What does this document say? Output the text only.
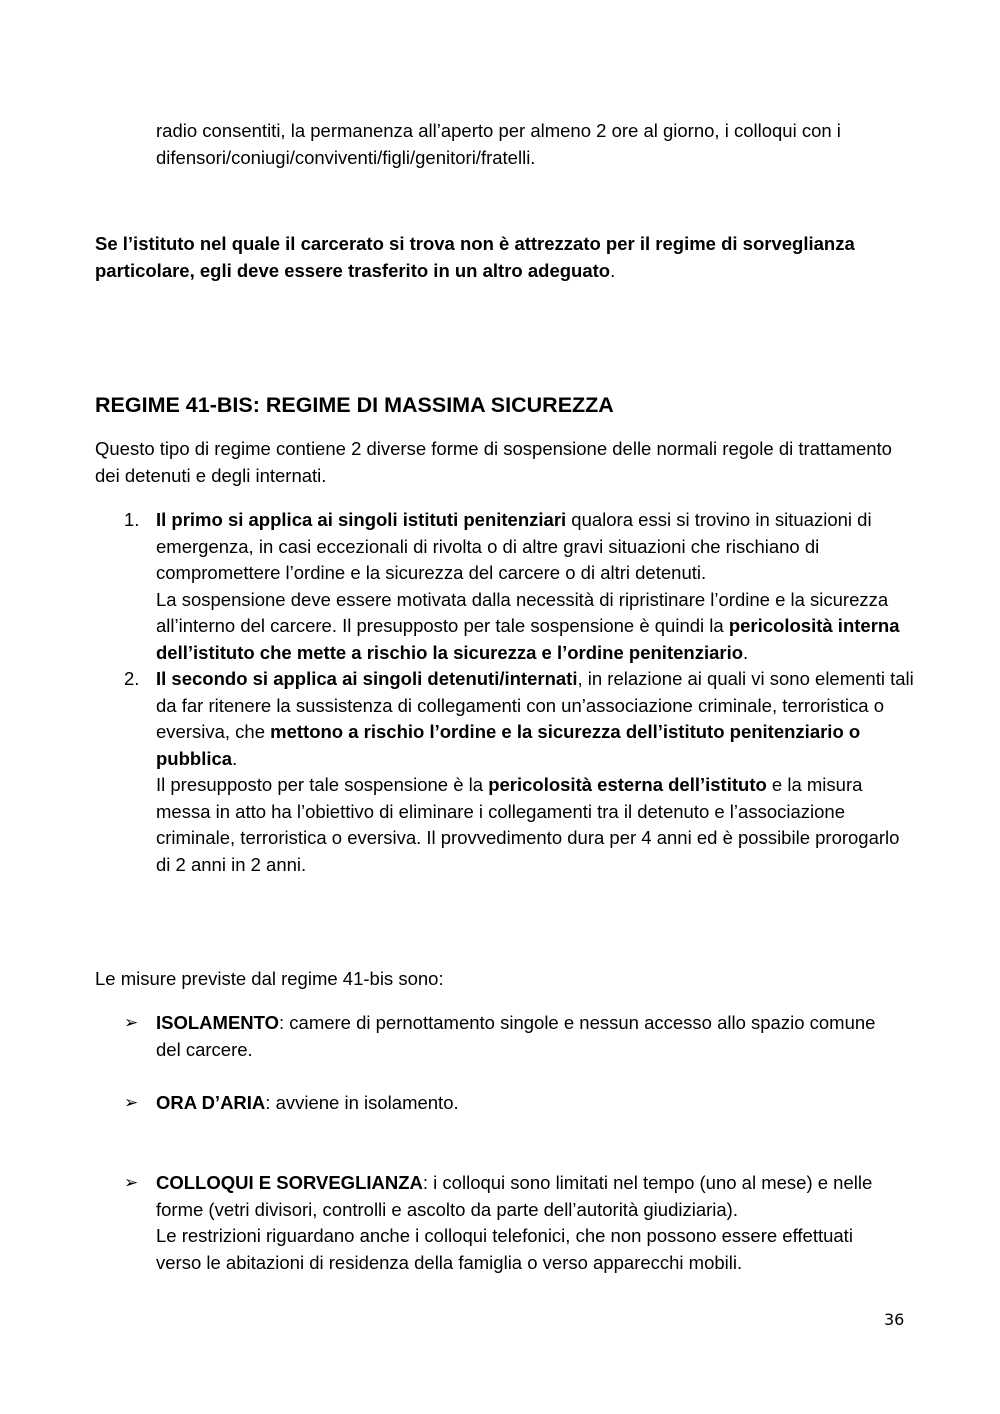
radio consentiti, la permanenza all’aperto per almeno 2 ore al giorno, i colloqui con i
difensori/coniugi/conviventi/figli/genitori/fratelli.
Se l’istituto nel quale il carcerato si trova non è attrezzato per il regime di sorveglianza particolare, egli deve essere trasferito in un altro adeguato.
REGIME 41-BIS: REGIME DI MASSIMA SICUREZZA
Questo tipo di regime contiene 2 diverse forme di sospensione delle normali regole di trattamento dei detenuti e degli internati.
1. Il primo si applica ai singoli istituti penitenziari qualora essi si trovino in situazioni di emergenza, in casi eccezionali di rivolta o di altre gravi situazioni che rischiano di compromettere l’ordine e la sicurezza del carcere o di altri detenuti.
La sospensione deve essere motivata dalla necessità di ripristinare l’ordine e la sicurezza all’interno del carcere. Il presupposto per tale sospensione è quindi la pericolosità interna dell’istituto che mette a rischio la sicurezza e l’ordine penitenziario.
2. Il secondo si applica ai singoli detenuti/internati, in relazione ai quali vi sono elementi tali da far ritenere la sussistenza di collegamenti con un’associazione criminale, terroristica o eversiva, che mettono a rischio l’ordine e la sicurezza dell’istituto penitenziario o pubblica.
Il presupposto per tale sospensione è la pericolosità esterna dell’istituto e la misura messa in atto ha l’obiettivo di eliminare i collegamenti tra il detenuto e l’associazione criminale, terroristica o eversiva. Il provvedimento dura per 4 anni ed è possibile prorogarlo di 2 anni in 2 anni.
Le misure previste dal regime 41-bis sono:
➢ ISOLAMENTO: camere di pernottamento singole e nessun accesso allo spazio comune del carcere.
➢ ORA D’ARIA: avviene in isolamento.
➢ COLLOQUI E SORVEGLIANZA: i colloqui sono limitati nel tempo (uno al mese) e nelle forme (vetri divisori, controlli e ascolto da parte dell’autorità giudiziaria).
Le restrizioni riguardano anche i colloqui telefonici, che non possono essere effettuati verso le abitazioni di residenza della famiglia o verso apparecchi mobili.
36
